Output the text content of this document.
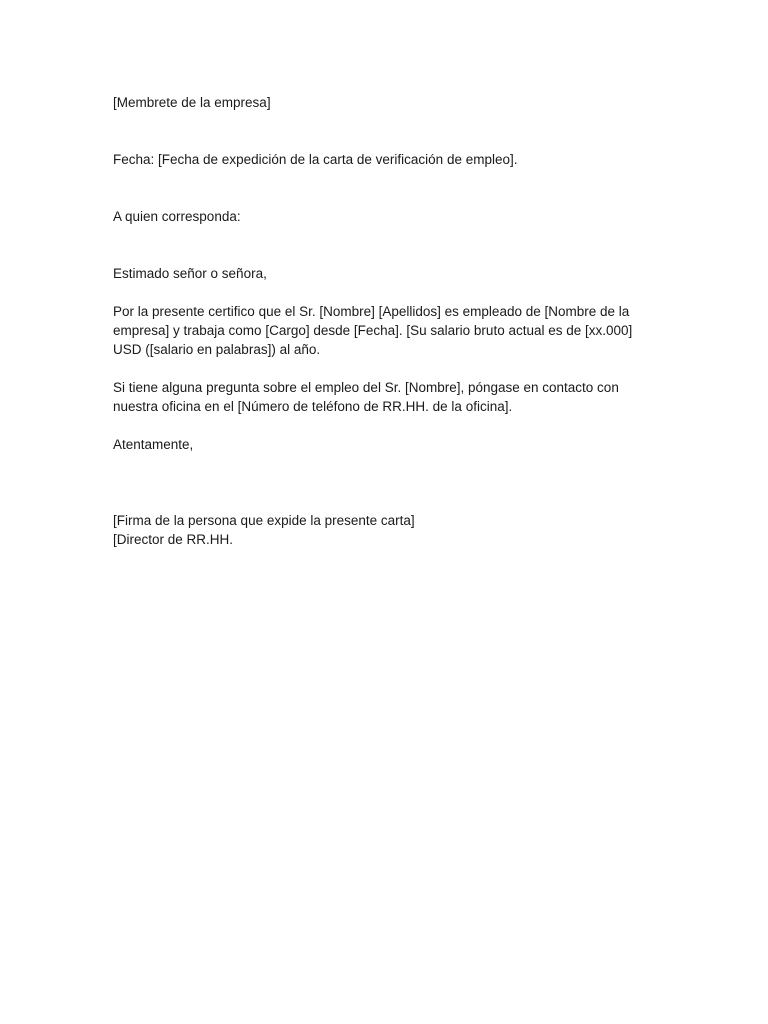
[Membrete de la empresa]

Fecha: [Fecha de expedición de la carta de verificación de empleo].

A quien corresponda:

Estimado señor o señora,

Por la presente certifico que el Sr. [Nombre] [Apellidos] es empleado de [Nombre de la empresa] y trabaja como [Cargo] desde [Fecha]. [Su salario bruto actual es de [xx.000] USD ([salario en palabras]) al año.

Si tiene alguna pregunta sobre el empleo del Sr. [Nombre], póngase en contacto con nuestra oficina en el [Número de teléfono de RR.HH. de la oficina].

Atentamente,

[Firma de la persona que expide la presente carta]

[Director de RR.HH.
